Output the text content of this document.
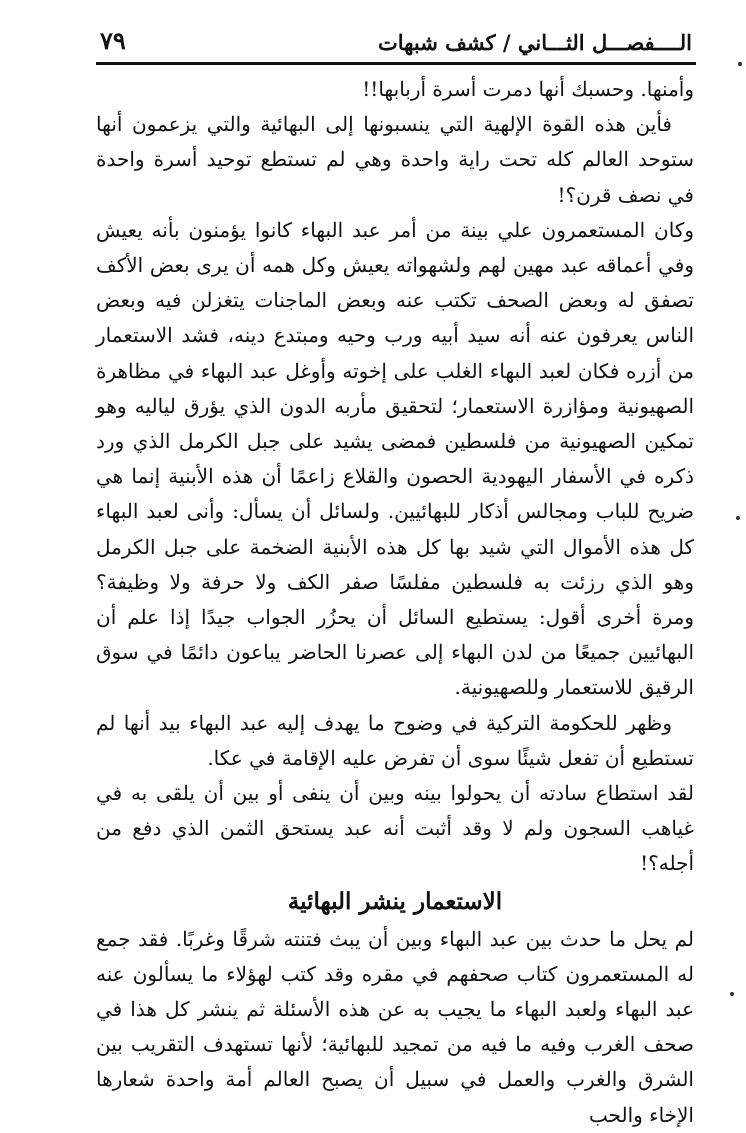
الــــفصـــل الثـــاني / كشف شبهات
٧٩

وأمنها. وحسبك أنها دمرت أسرة أربابها!!

فأين هذه القوة الإلهية التي ينسبونها إلى البهائية والتي يزعمون أنها ستوحد العالم كله تحت راية واحدة وهي لم تستطع توحيد أسرة واحدة في نصف قرن؟!

وكان المستعمرون علي بينة من أمر عبد البهاء كانوا يؤمنون بأنه يعيش وفي أعماقه عبد مهين لهم ولشهواته يعيش وكل همه أن يرى بعض الأكف تصفق له وبعض الصحف تكتب عنه وبعض الماجنات يتغزلن فيه وبعض الناس يعرفون عنه أنه سيد أبيه ورب وحيه ومبتدع دينه، فشد الاستعمار من أزره فكان لعبد البهاء الغلب على إخوته وأوغل عبد البهاء في مظاهرة الصهيونية ومؤازرة الاستعمار؛ لتحقيق مأربه الدون الذي يؤرق لياليه وهو تمكين الصهيونية من فلسطين فمضى يشيد على جبل الكرمل الذي ورد ذكره في الأسفار اليهودية الحصون والقلاع زاعمًا أن هذه الأبنية إنما هي ضريح للباب ومجالس أذكار للبهائيين. ولسائل أن يسأل: وأنى لعبد البهاء كل هذه الأموال التي شيد بها كل هذه الأبنية الضخمة على جبل الكرمل وهو الذي رزئت به فلسطين مفلسًا صفر الكف ولا حرفة ولا وظيفة؟ ومرة أخرى أقول: يستطيع السائل أن يحزُر الجواب جيدًا إذا علم أن البهائيين جميعًا من لدن البهاء إلى عصرنا الحاضر يباعون دائمًا في سوق الرقيق للاستعمار وللصهيونية.

وظهر للحكومة التركية في وضوح ما يهدف إليه عبد البهاء بيد أنها لم تستطيع أن تفعل شيئًا سوى أن تفرض عليه الإقامة في عكا.

لقد استطاع سادته أن يحولوا بينه وبين أن ينفى أو بين أن يلقى به في غياهب السجون ولم لا وقد أثبت أنه عبد يستحق الثمن الذي دفع من أجله؟!

الاستعمار ينشر البهائية

لم يحل ما حدث بين عبد البهاء وبين أن يبث فتنته شرقًا وغربًا. فقد جمع له المستعمرون كتاب صحفهم في مقره وقد كتب لهؤلاء ما يسألون عنه عبد البهاء ولعبد البهاء ما يجيب به عن هذه الأسئلة ثم ينشر كل هذا في صحف الغرب وفيه ما فيه من تمجيد للبهائية؛ لأنها تستهدف التقريب بين الشرق والغرب والعمل في سبيل أن يصبح العالم أمة واحدة شعارها الإخاء والحب
